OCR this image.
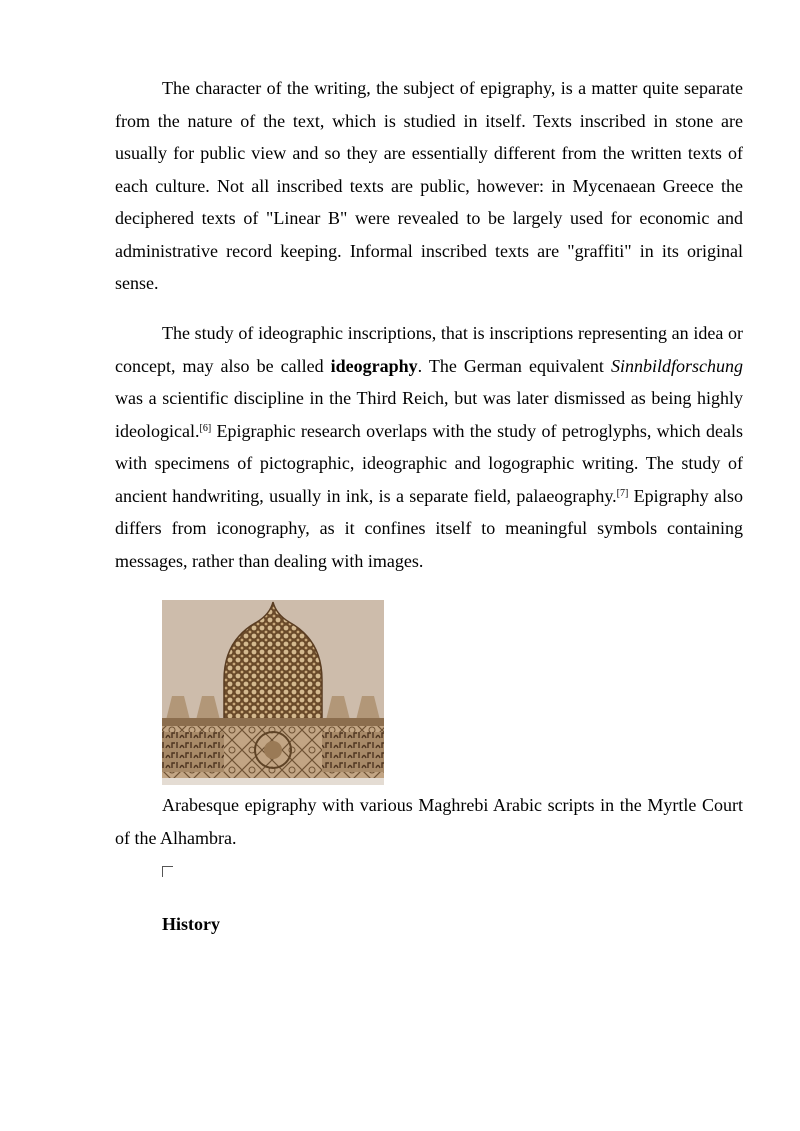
The character of the writing, the subject of epigraphy, is a matter quite separate from the nature of the text, which is studied in itself. Texts inscribed in stone are usually for public view and so they are essentially different from the written texts of each culture. Not all inscribed texts are public, however: in Mycenaean Greece the deciphered texts of "Linear B" were revealed to be largely used for economic and administrative record keeping. Informal inscribed texts are "graffiti" in its original sense.

The study of ideographic inscriptions, that is inscriptions representing an idea or concept, may also be called ideography. The German equivalent Sinnbildforschung was a scientific discipline in the Third Reich, but was later dismissed as being highly ideological.[6] Epigraphic research overlaps with the study of petroglyphs, which deals with specimens of pictographic, ideographic and logographic writing. The study of ancient handwriting, usually in ink, is a separate field, palaeography.[7] Epigraphy also differs from iconography, as it confines itself to meaningful symbols containing messages, rather than dealing with images.

Arabesque epigraphy with various Maghrebi Arabic scripts in the Myrtle Court of the Alhambra.

History
